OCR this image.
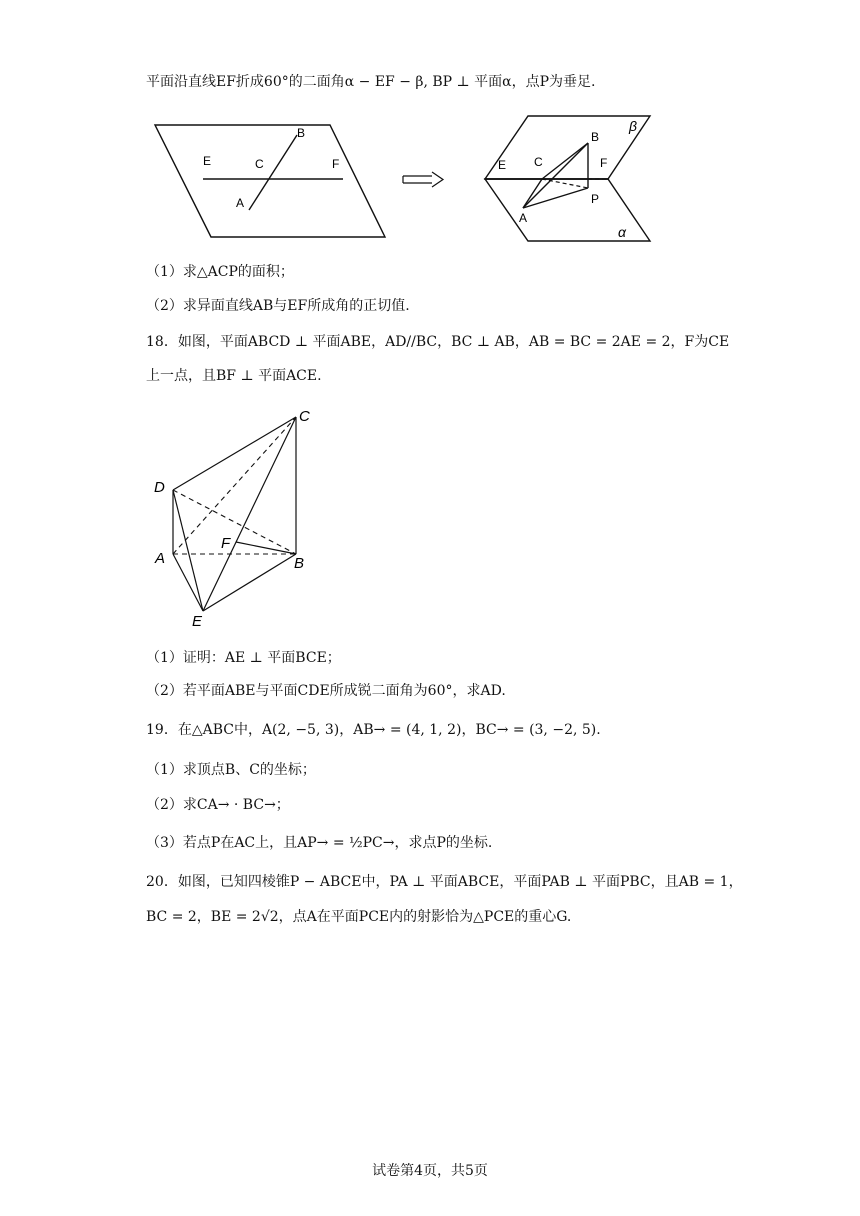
平面沿直线EF折成60°的二面角α − EF − β, BP ⊥ 平面α，点P为垂足.
B
E	C	F
A
B
E C	F
A
P
β
α
（1）求△ACP的面积；
（2）求异面直线AB与EF所成角的正切值.
18．如图，平面ABCD ⊥ 平面ABE，AD//BC，BC ⊥ AB，AB = BC = 2AE = 2，F为CE
上一点，且BF ⊥ 平面ACE.
C
D
F
A	B
E
（1）证明：AE ⊥ 平面BCE；
（2）若平面ABE与平面CDE所成锐二面角为60°，求AD.
19．在△ABC中，A(2, −5, 3)，AB→ = (4, 1, 2)，BC→ = (3, −2, 5).
（1）求顶点B、C的坐标；
（2）求CA→ · BC→；
（3）若点P在AC上，且AP→ = ½PC→，求点P的坐标.
20．如图，已知四棱锥P − ABCE中，PA ⊥ 平面ABCE，平面PAB ⊥ 平面PBC，且AB = 1，
BC = 2，BE = 2√2，点A在平面PCE内的射影恰为△PCE的重心G.
试卷第4页，共5页
